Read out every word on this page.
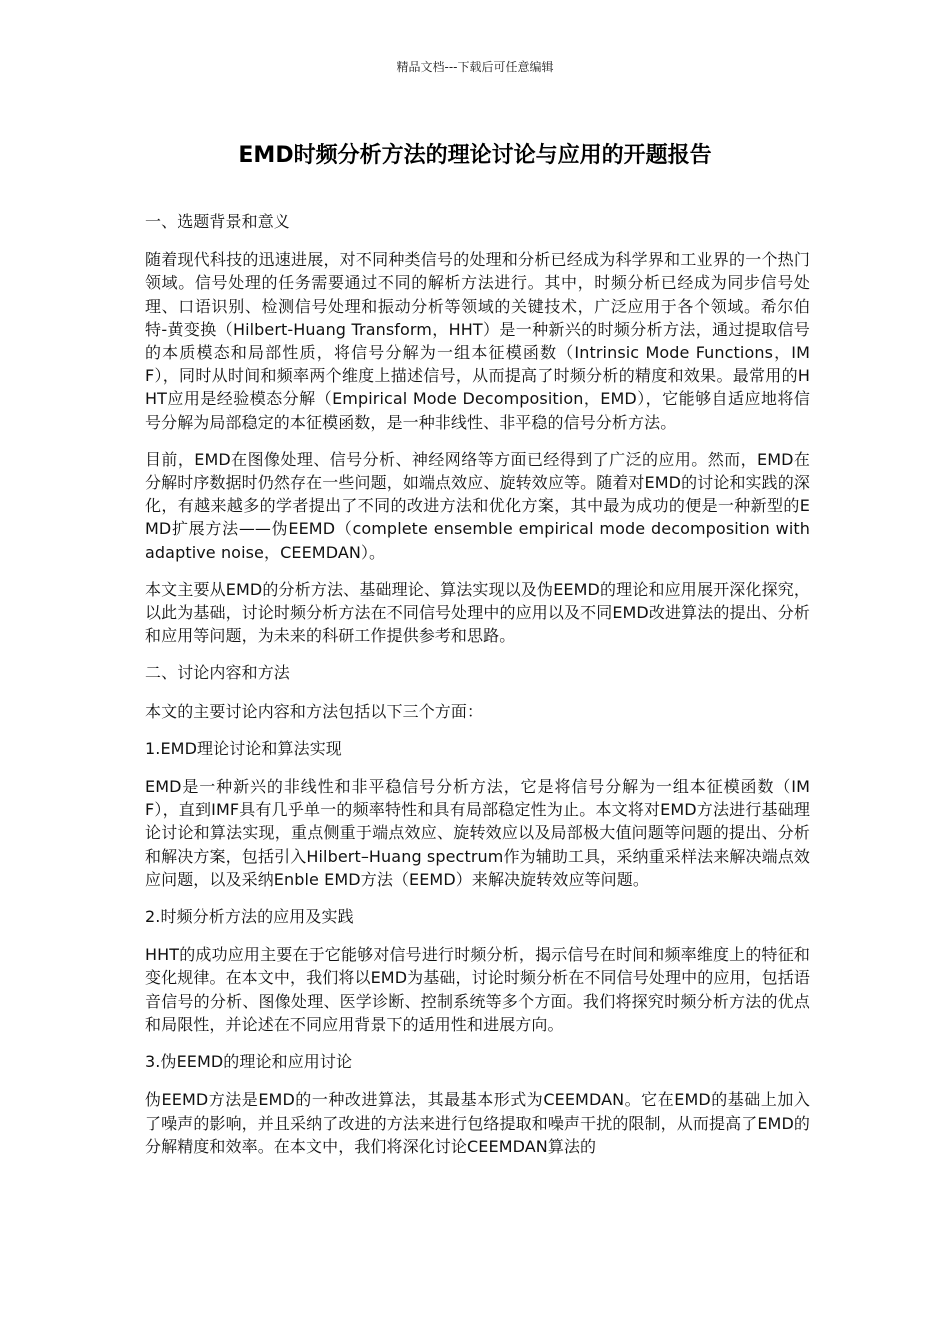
精品文档---下载后可任意编辑
EMD时频分析方法的理论讨论与应用的开题报告

一、选题背景和意义

随着现代科技的迅速进展，对不同种类信号的处理和分析已经成为科学界和工业界的一个热门领域。信号处理的任务需要通过不同的解析方法进行。其中，时频分析已经成为同步信号处理、口语识别、检测信号处理和振动分析等领域的关键技术，广泛应用于各个领域。希尔伯特-黄变换（Hilbert-Huang Transform，HHT）是一种新兴的时频分析方法，通过提取信号的本质模态和局部性质，将信号分解为一组本征模函数（Intrinsic Mode Functions，IMF），同时从时间和频率两个维度上描述信号，从而提高了时频分析的精度和效果。最常用的HHT应用是经验模态分解（Empirical Mode Decomposition，EMD），它能够自适应地将信号分解为局部稳定的本征模函数，是一种非线性、非平稳的信号分析方法。

目前，EMD在图像处理、信号分析、神经网络等方面已经得到了广泛的应用。然而，EMD在分解时序数据时仍然存在一些问题，如端点效应、旋转效应等。随着对EMD的讨论和实践的深化，有越来越多的学者提出了不同的改进方法和优化方案，其中最为成功的便是一种新型的EMD扩展方法——伪EEMD（complete ensemble empirical mode decomposition with adaptive noise，CEEMDAN）。

本文主要从EMD的分析方法、基础理论、算法实现以及伪EEMD的理论和应用展开深化探究，以此为基础，讨论时频分析方法在不同信号处理中的应用以及不同EMD改进算法的提出、分析和应用等问题，为未来的科研工作提供参考和思路。

二、讨论内容和方法

本文的主要讨论内容和方法包括以下三个方面：

1.EMD理论讨论和算法实现

EMD是一种新兴的非线性和非平稳信号分析方法，它是将信号分解为一组本征模函数（IMF），直到IMF具有几乎单一的频率特性和具有局部稳定性为止。本文将对EMD方法进行基础理论讨论和算法实现，重点侧重于端点效应、旋转效应以及局部极大值问题等问题的提出、分析和解决方案，包括引入Hilbert–Huang spectrum作为辅助工具，采纳重采样法来解决端点效应问题，以及采纳Enble EMD方法（EEMD）来解决旋转效应等问题。

2.时频分析方法的应用及实践

HHT的成功应用主要在于它能够对信号进行时频分析，揭示信号在时间和频率维度上的特征和变化规律。在本文中，我们将以EMD为基础，讨论时频分析在不同信号处理中的应用，包括语音信号的分析、图像处理、医学诊断、控制系统等多个方面。我们将探究时频分析方法的优点和局限性，并论述在不同应用背景下的适用性和进展方向。

3.伪EEMD的理论和应用讨论

伪EEMD方法是EMD的一种改进算法，其最基本形式为CEEMDAN。它在EMD的基础上加入了噪声的影响，并且采纳了改进的方法来进行包络提取和噪声干扰的限制，从而提高了EMD的分解精度和效率。在本文中，我们将深化讨论CEEMDAN算法的
